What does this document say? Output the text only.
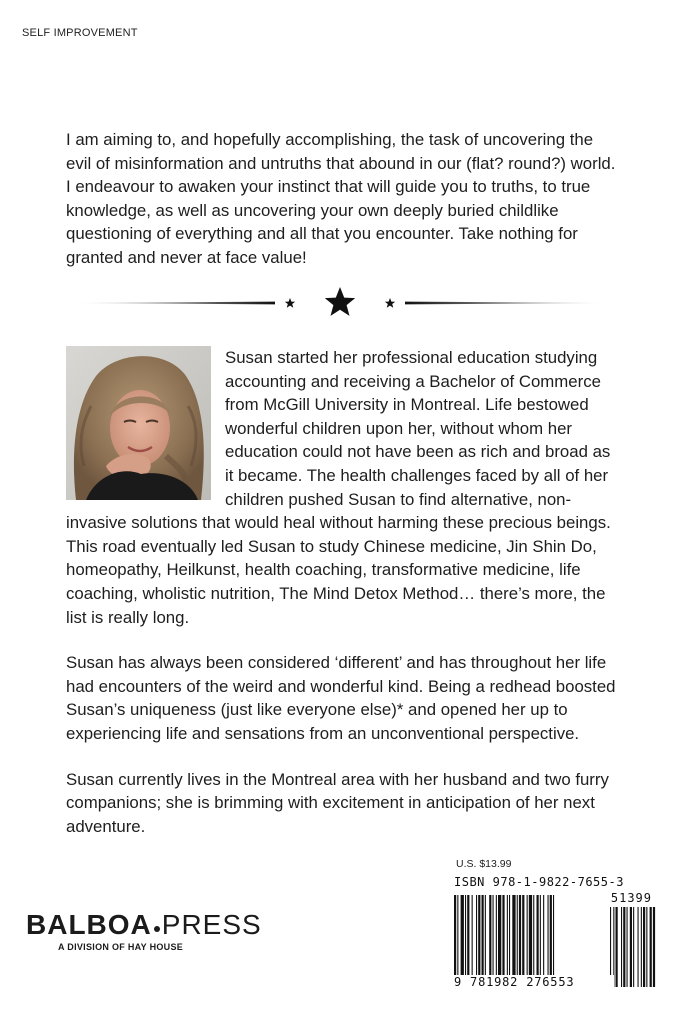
SELF IMPROVEMENT
I am aiming to, and hopefully accomplishing, the task of uncovering the evil of misinformation and untruths that abound in our (flat? round?) world. I endeavour to awaken your instinct that will guide you to truths, to true knowledge, as well as uncovering your own deeply buried childlike questioning of everything and all that you encounter. Take nothing for granted and never at face value!

Susan started her professional education studying accounting and receiving a Bachelor of Commerce from McGill University in Montreal. Life bestowed wonderful children upon her, without whom her education could not have been as rich and broad as it became. The health challenges faced by all of her children pushed Susan to find alternative, non-invasive solutions that would heal without harming these precious beings. This road eventually led Susan to study Chinese medicine, Jin Shin Do, homeopathy, Heilkunst, health coaching, transformative medicine, life coaching, wholistic nutrition, The Mind Detox Method… there’s more, the list is really long.

Susan has always been considered ‘different’ and has throughout her life had encounters of the weird and wonderful kind. Being a redhead boosted Susan’s uniqueness (just like everyone else)* and opened her up to experiencing life and sensations from an unconventional perspective.

Susan currently lives in the Montreal area with her husband and two furry companions; she is brimming with excitement in anticipation of her next adventure.

BALBOA PRESS
A DIVISION OF HAY HOUSE
U.S. $13.99
ISBN 978-1-9822-7655-3
51399
9 781982 276553
